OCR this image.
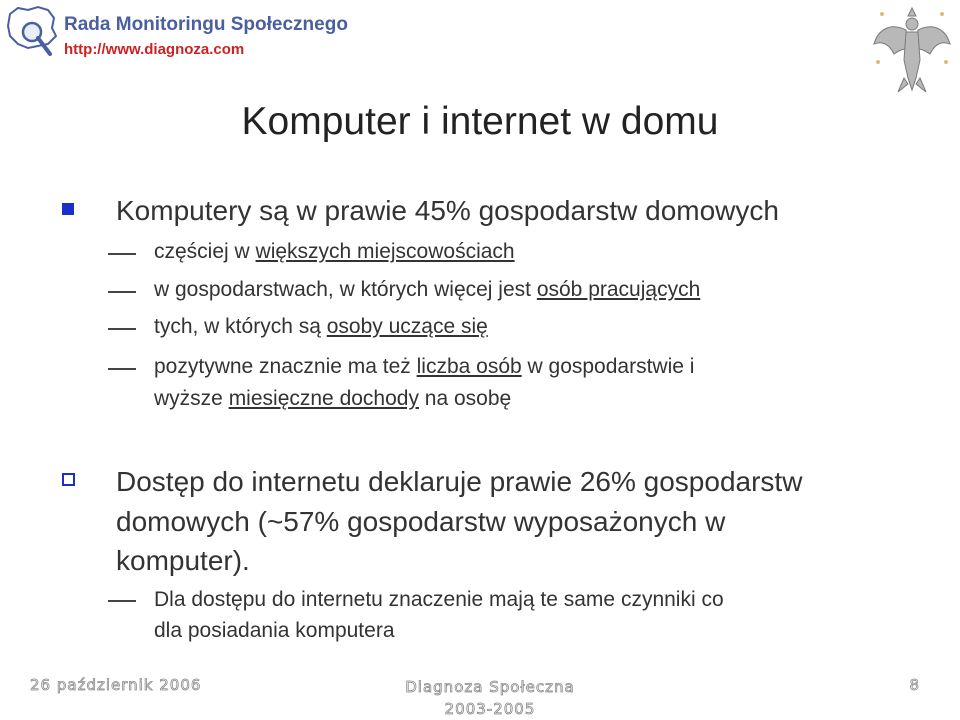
Rada Monitoringu Społecznego
http://www.diagnoza.com
Komputer i internet w domu
Komputery są w prawie 45% gospodarstw domowych
częściej w większych miejscowościach
w gospodarstwach, w których więcej jest osób pracujących
tych, w których są osoby uczące się
pozytywne znacznie ma też liczba osób w gospodarstwie i
wyższe miesięczne dochody na osobę
Dostęp do internetu deklaruje prawie 26% gospodarstw
domowych (~57% gospodarstw wyposażonych w
komputer).
Dla dostępu do internetu znaczenie mają te same czynniki co
dla posiadania komputera
26 październik 2006	Diagnoza Społeczna
2003-2005
8
